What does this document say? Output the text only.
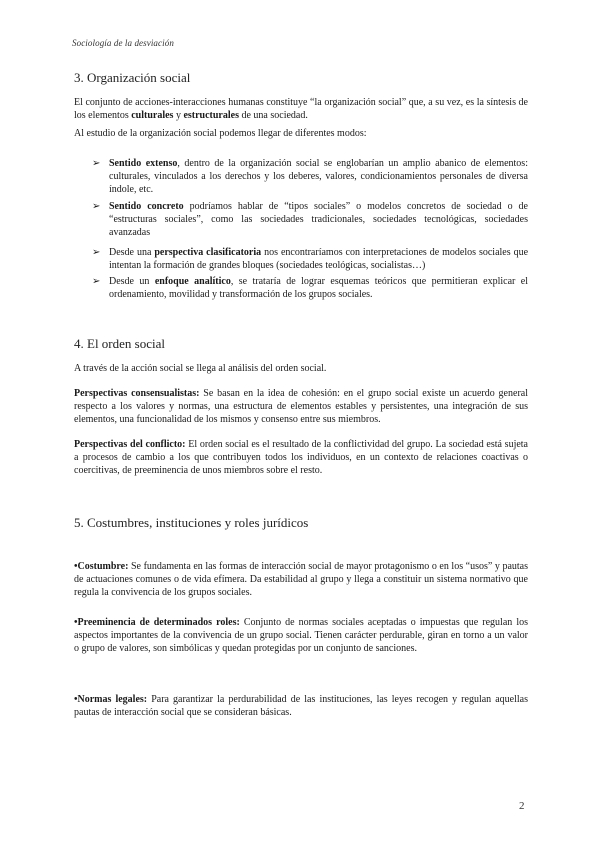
Sociología de la desviación
3. Organización social

El conjunto de acciones-interacciones humanas constituye “la organización social” que, a su vez, es la síntesis de los elementos culturales y estructurales de una sociedad.

Al estudio de la organización social podemos llegar de diferentes modos:

➢ Sentido extenso, dentro de la organización social se englobarían un amplio abanico de elementos: culturales, vinculados a los derechos y los deberes, valores, condicionamientos personales de diversa índole, etc.
➢ Sentido concreto podríamos hablar de “tipos sociales” o modelos concretos de sociedad o de “estructuras sociales”, como las sociedades tradicionales, sociedades tecnológicas, sociedades avanzadas
➢ Desde una perspectiva clasificatoria nos encontraríamos con interpretaciones de modelos sociales que intentan la formación de grandes bloques (sociedades teológicas, socialistas…)
➢ Desde un enfoque analítico, se trataría de lograr esquemas teóricos que permitieran explicar el ordenamiento, movilidad y transformación de los grupos sociales.
4. El orden social

A través de la acción social se llega al análisis del orden social.

Perspectivas consensualistas: Se basan en la idea de cohesión: en el grupo social existe un acuerdo general respecto a los valores y normas, una estructura de elementos estables y persistentes, una integración de sus elementos, una funcionalidad de los mismos y consenso entre sus miembros.

Perspectivas del conflicto: El orden social es el resultado de la conflictividad del grupo. La sociedad está sujeta a procesos de cambio a los que contribuyen todos los individuos, en un contexto de relaciones coactivas o coercitivas, de preeminencia de unos miembros sobre el resto.

5. Costumbres, instituciones y roles jurídicos

•Costumbre: Se fundamenta en las formas de interacción social de mayor protagonismo o en los “usos” y pautas de actuaciones comunes o de vida efímera. Da estabilidad al grupo y llega a constituir un sistema normativo que regula la convivencia de los grupos sociales.

•Preeminencia de determinados roles: Conjunto de normas sociales aceptadas o impuestas que regulan los aspectos importantes de la convivencia de un grupo social. Tienen carácter perdurable, giran en torno a un valor o grupo de valores, son simbólicas y quedan protegidas por un conjunto de sanciones.

•Normas legales: Para garantizar la perdurabilidad de las instituciones, las leyes recogen y regulan aquellas pautas de interacción social que se consideran básicas.

2
